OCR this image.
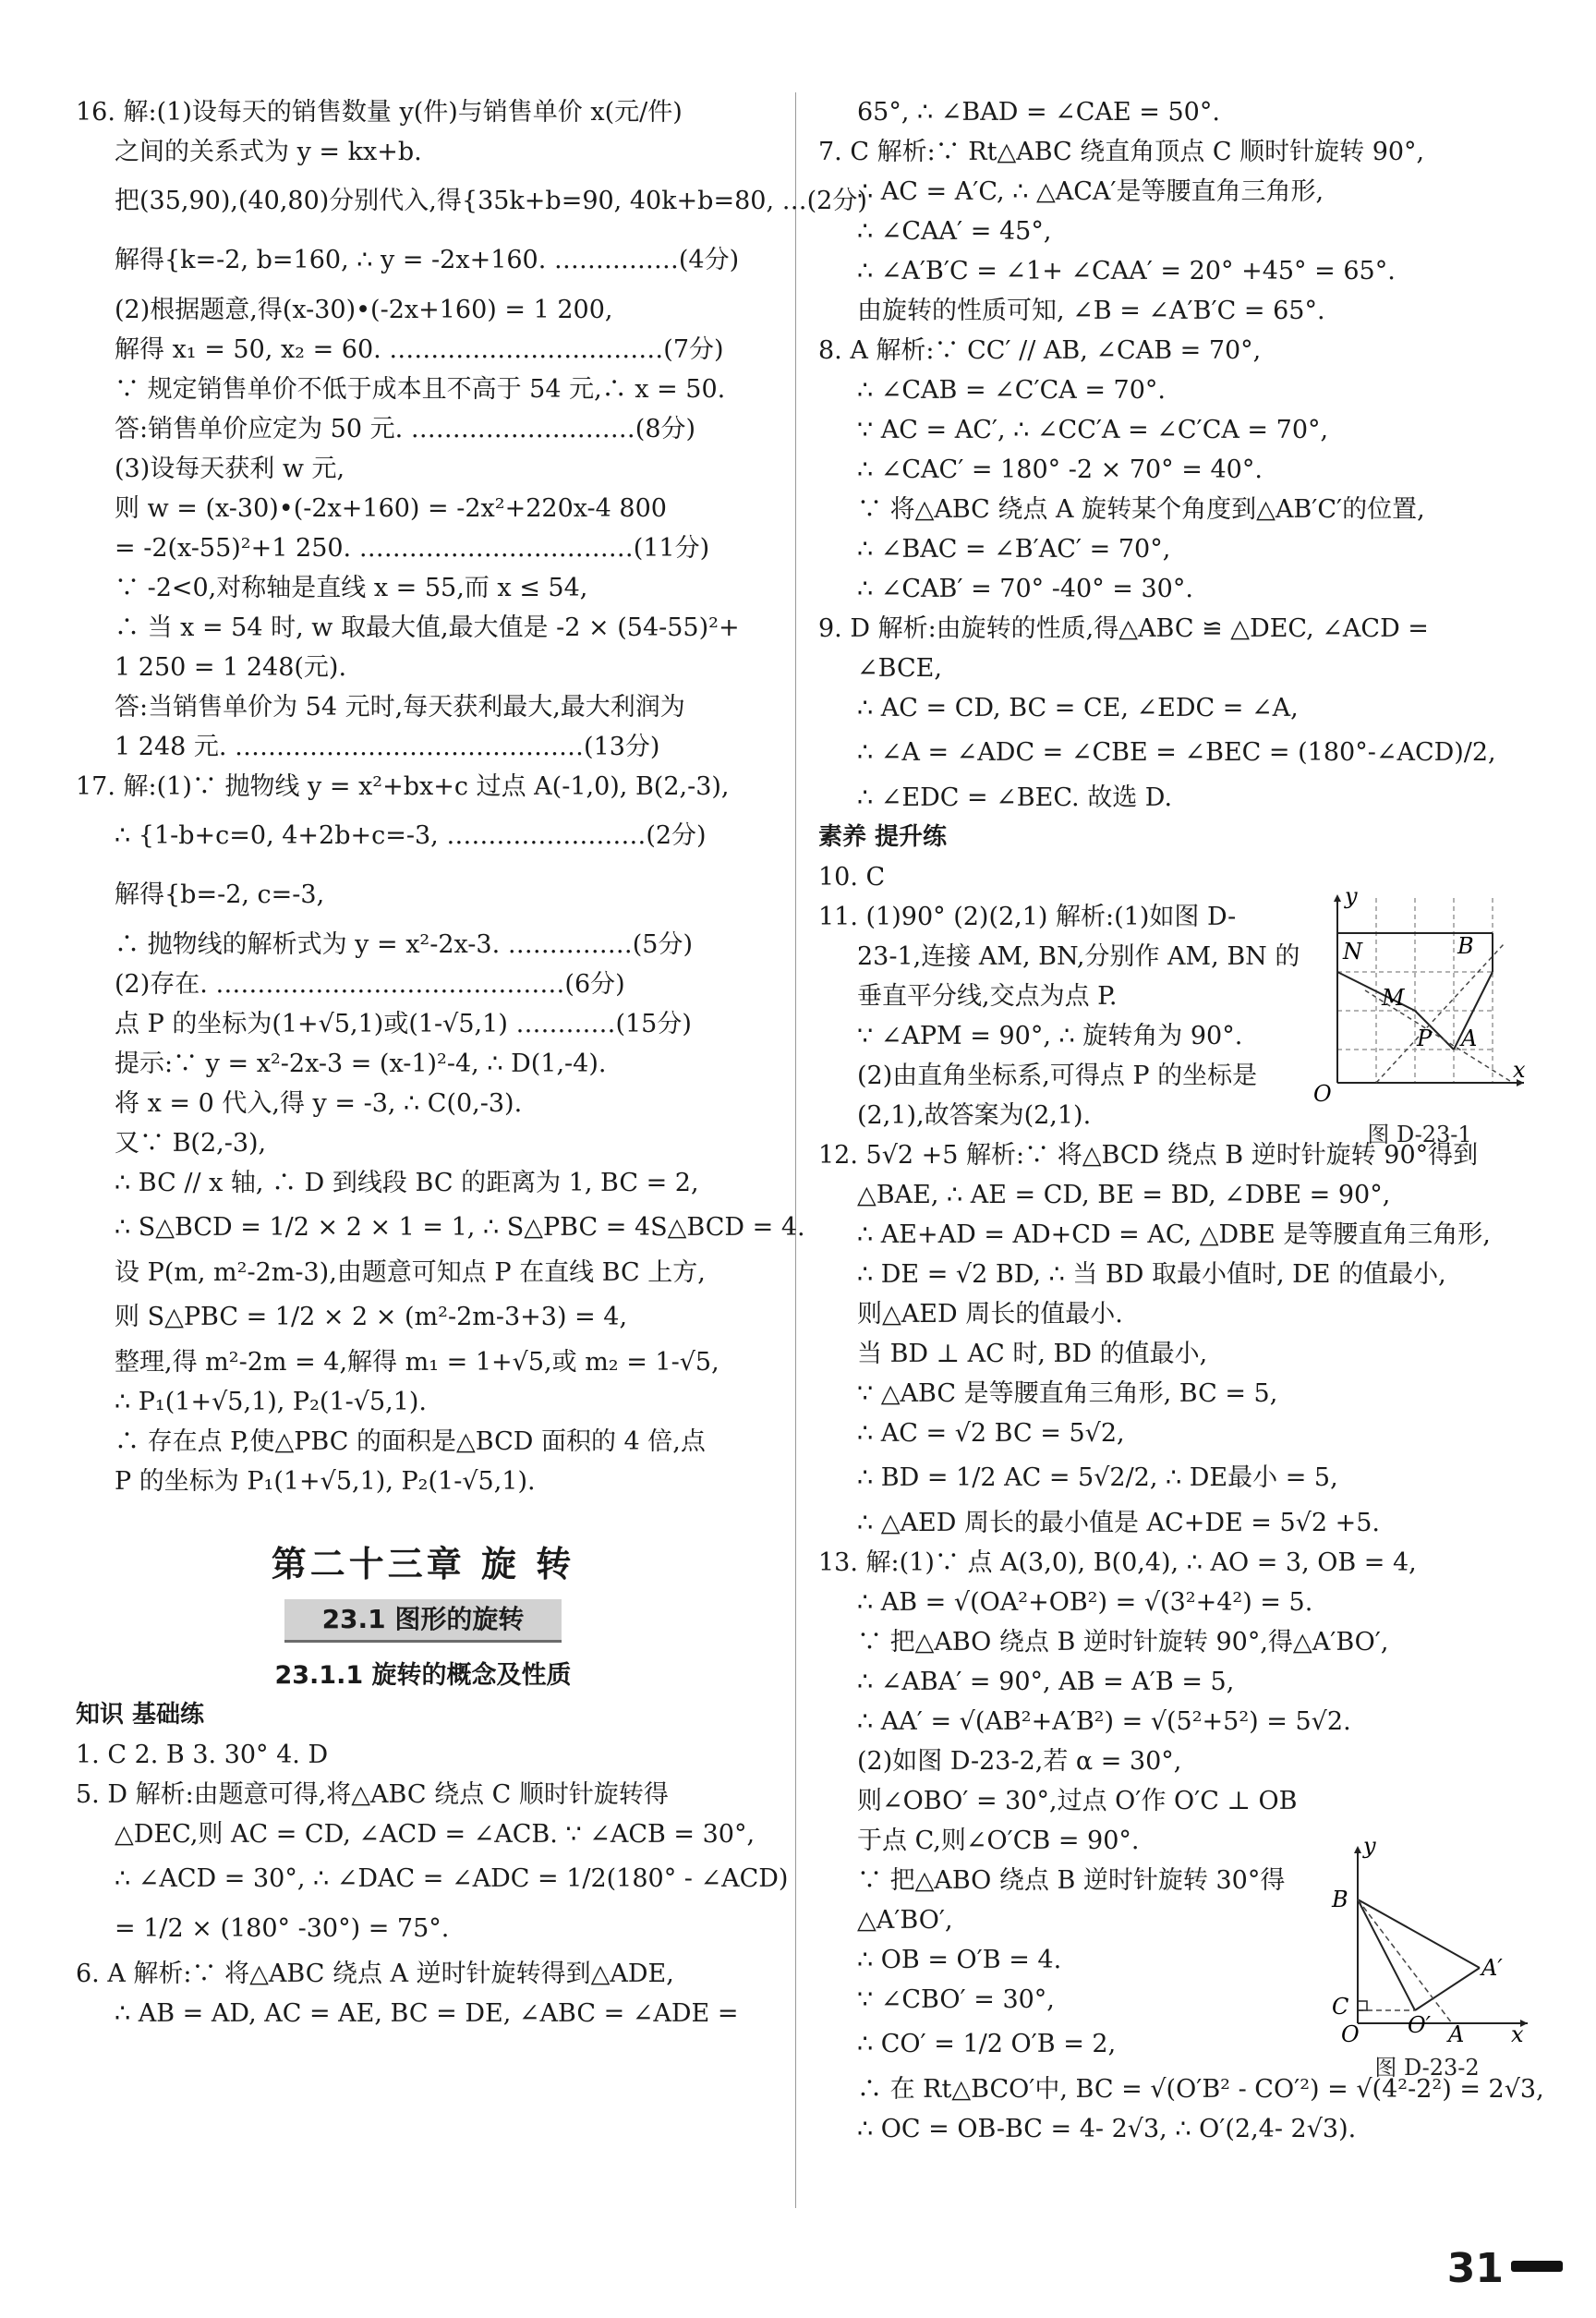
16. 解:(1)设每天的销售数量 y(件)与销售单价 x(元/件)
之间的关系式为 y = kx+b.
把(35,90),(40,80)分别代入,得{35k+b=90, 40k+b=80, …(2分)
解得{k=-2, b=160, ∴ y = -2x+160. ……………(4分)
(2)根据题意,得(x-30)•(-2x+160) = 1 200,
解得 x₁ = 50, x₂ = 60. ……………………………(7分)
∵ 规定销售单价不低于成本且不高于 54 元,∴ x = 50.
答:销售单价应定为 50 元. ………………………(8分)
(3)设每天获利 w 元,
则 w = (x-30)•(-2x+160) = -2x²+220x-4 800
= -2(x-55)²+1 250. ……………………………(11分)
∵ -2<0,对称轴是直线 x = 55,而 x ≤ 54,
∴ 当 x = 54 时, w 取最大值,最大值是 -2 × (54-55)²+
1 250 = 1 248(元).
答:当销售单价为 54 元时,每天获利最大,最大利润为
1 248 元. ……………………………………(13分)
17. 解:(1)∵ 抛物线 y = x²+bx+c 过点 A(-1,0), B(2,-3),
∴ {1-b+c=0, 4+2b+c=-3, ……………………(2分)
解得{b=-2, c=-3,
∴ 抛物线的解析式为 y = x²-2x-3. ……………(5分)
(2)存在. ……………………………………(6分)
点 P 的坐标为(1+√5,1)或(1-√5,1) …………(15分)
提示:∵ y = x²-2x-3 = (x-1)²-4, ∴ D(1,-4).
将 x = 0 代入,得 y = -3, ∴ C(0,-3).
又∵ B(2,-3),
∴ BC // x 轴, ∴ D 到线段 BC 的距离为 1, BC = 2,
∴ S△BCD = 1/2 × 2 × 1 = 1, ∴ S△PBC = 4S△BCD = 4.
设 P(m, m²-2m-3),由题意可知点 P 在直线 BC 上方,
则 S△PBC = 1/2 × 2 × (m²-2m-3+3) = 4,
整理,得 m²-2m = 4,解得 m₁ = 1+√5,或 m₂ = 1-√5,
∴ P₁(1+√5,1), P₂(1-√5,1).
∴ 存在点 P,使△PBC 的面积是△BCD 面积的 4 倍,点
P 的坐标为 P₁(1+√5,1), P₂(1-√5,1).
第二十三章 旋 转
23.1 图形的旋转
23.1.1 旋转的概念及性质
知识 基础练
1. C 2. B 3. 30° 4. D
5. D 解析:由题意可得,将△ABC 绕点 C 顺时针旋转得
△DEC,则 AC = CD, ∠ACD = ∠ACB. ∵ ∠ACB = 30°,
∴ ∠ACD = 30°, ∴ ∠DAC = ∠ADC = 1/2(180° - ∠ACD)
= 1/2 × (180° -30°) = 75°.
6. A 解析:∵ 将△ABC 绕点 A 逆时针旋转得到△ADE,
∴ AB = AD, AC = AE, BC = DE, ∠ABC = ∠ADE =
65°, ∴ ∠BAD = ∠CAE = 50°.
7. C 解析:∵ Rt△ABC 绕直角顶点 C 顺时针旋转 90°,
∴ AC = A′C, ∴ △ACA′是等腰直角三角形,
∴ ∠CAA′ = 45°,
∴ ∠A′B′C = ∠1+ ∠CAA′ = 20° +45° = 65°.
由旋转的性质可知, ∠B = ∠A′B′C = 65°.
8. A 解析:∵ CC′ // AB, ∠CAB = 70°,
∴ ∠CAB = ∠C′CA = 70°.
∵ AC = AC′, ∴ ∠CC′A = ∠C′CA = 70°,
∴ ∠CAC′ = 180° -2 × 70° = 40°.
∵ 将△ABC 绕点 A 旋转某个角度到△AB′C′的位置,
∴ ∠BAC = ∠B′AC′ = 70°,
∴ ∠CAB′ = 70° -40° = 30°.
9. D 解析:由旋转的性质,得△ABC ≌ △DEC, ∠ACD =
∠BCE,
∴ AC = CD, BC = CE, ∠EDC = ∠A,
∴ ∠A = ∠ADC = ∠CBE = ∠BEC = (180°-∠ACD)/2,
∴ ∠EDC = ∠BEC. 故选 D.
素养 提升练
10. C
11. (1)90° (2)(2,1) 解析:(1)如图 D-
23-1,连接 AM, BN,分别作 AM, BN 的
垂直平分线,交点为点 P.
∵ ∠APM = 90°, ∴ 旋转角为 90°.
(2)由直角坐标系,可得点 P 的坐标是
(2,1),故答案为(2,1).
12. 5√2 +5 解析:∵ 将△BCD 绕点 B 逆时针旋转 90°得到
△BAE, ∴ AE = CD, BE = BD, ∠DBE = 90°,
∴ AE+AD = AD+CD = AC, △DBE 是等腰直角三角形,
∴ DE = √2 BD, ∴ 当 BD 取最小值时, DE 的值最小,
则△AED 周长的值最小.
当 BD ⊥ AC 时, BD 的值最小,
∵ △ABC 是等腰直角三角形, BC = 5,
∴ AC = √2 BC = 5√2,
∴ BD = 1/2 AC = 5√2/2, ∴ DE最小 = 5,
∴ △AED 周长的最小值是 AC+DE = 5√2 +5.
13. 解:(1)∵ 点 A(3,0), B(0,4), ∴ AO = 3, OB = 4,
∴ AB = √(OA²+OB²) = √(3²+4²) = 5.
∵ 把△ABO 绕点 B 逆时针旋转 90°,得△A′BO′,
∴ ∠ABA′ = 90°, AB = A′B = 5,
∴ AA′ = √(AB²+A′B²) = √(5²+5²) = 5√2.
(2)如图 D-23-2,若 α = 30°,
则∠OBO′ = 30°,过点 O′作 O′C ⊥ OB
于点 C,则∠O′CB = 90°.
∵ 把△ABO 绕点 B 逆时针旋转 30°得
△A′BO′,
∴ OB = O′B = 4.
∵ ∠CBO′ = 30°,
∴ CO′ = 1/2 O′B = 2,
∴ 在 Rt△BCO′中, BC = √(O′B² - CO′²) = √(4²-2²) = 2√3,
∴ OC = OB-BC = 4- 2√3, ∴ O′(2,4- 2√3).
O
y
x
N	B
M
P A
图 D-23-1
y
B
A′
C
O O′ A x
图 D-23-2
31
